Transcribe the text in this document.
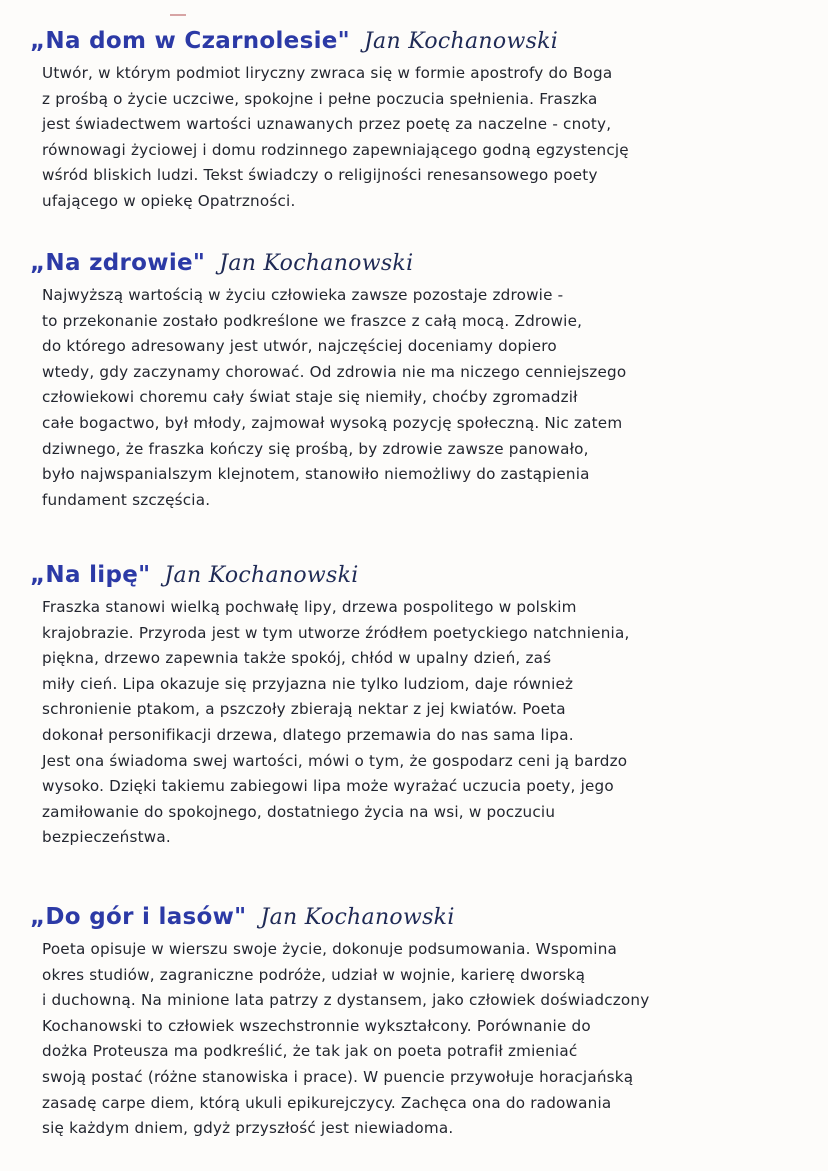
„Na dom w Czarnolesie" Jan Kochanowski
Utwór, w którym podmiot liryczny zwraca się w formie apostrofy do Boga
z prośbą o życie uczciwe, spokojne i pełne poczucia spełnienia. Fraszka
jest świadectwem wartości uznawanych przez poetę za naczelne - cnoty,
równowagi życiowej i domu rodzinnego zapewniającego godną egzystencję
wśród bliskich ludzi. Tekst świadczy o religijności renesansowego poety
ufającego w opiekę Opatrzności.
„Na zdrowie" Jan Kochanowski
Najwyższą wartością w życiu człowieka zawsze pozostaje zdrowie -
to przekonanie zostało podkreślone we fraszce z całą mocą. Zdrowie,
do którego adresowany jest utwór, najczęściej doceniamy dopiero
wtedy, gdy zaczynamy chorować. Od zdrowia nie ma niczego cenniejszego
człowiekowi choremu cały świat staje się niemiły, choćby zgromadził
całe bogactwo, był młody, zajmował wysoką pozycję społeczną. Nic zatem
dziwnego, że fraszka kończy się prośbą, by zdrowie zawsze panowało,
było najwspanialszym klejnotem, stanowiło niemożliwy do zastąpienia
fundament szczęścia.
„Na lipę" Jan Kochanowski
Fraszka stanowi wielką pochwałę lipy, drzewa pospolitego w polskim
krajobrazie. Przyroda jest w tym utworze źródłem poetyckiego natchnienia,
piękna, drzewo zapewnia także spokój, chłód w upalny dzień, zaś
miły cień. Lipa okazuje się przyjazna nie tylko ludziom, daje również
schronienie ptakom, a pszczoły zbierają nektar z jej kwiatów. Poeta
dokonał personifikacji drzewa, dlatego przemawia do nas sama lipa.
Jest ona świadoma swej wartości, mówi o tym, że gospodarz ceni ją bardzo
wysoko. Dzięki takiemu zabiegowi lipa może wyrażać uczucia poety, jego
zamiłowanie do spokojnego, dostatniego życia na wsi, w poczuciu
bezpieczeństwa.
„Do gór i lasów" Jan Kochanowski
Poeta opisuje w wierszu swoje życie, dokonuje podsumowania. Wspomina
okres studiów, zagraniczne podróże, udział w wojnie, karierę dworską
i duchowną. Na minione lata patrzy z dystansem, jako człowiek doświadczony
Kochanowski to człowiek wszechstronnie wykształcony. Porównanie do
dożka Proteusza ma podkreślić, że tak jak on poeta potrafił zmieniać
swoją postać (różne stanowiska i prace). W puencie przywołuje horacjańską
zasadę carpe diem, którą ukuli epikurejczycy. Zachęca ona do radowania
się każdym dniem, gdyż przyszłość jest niewiadoma.
